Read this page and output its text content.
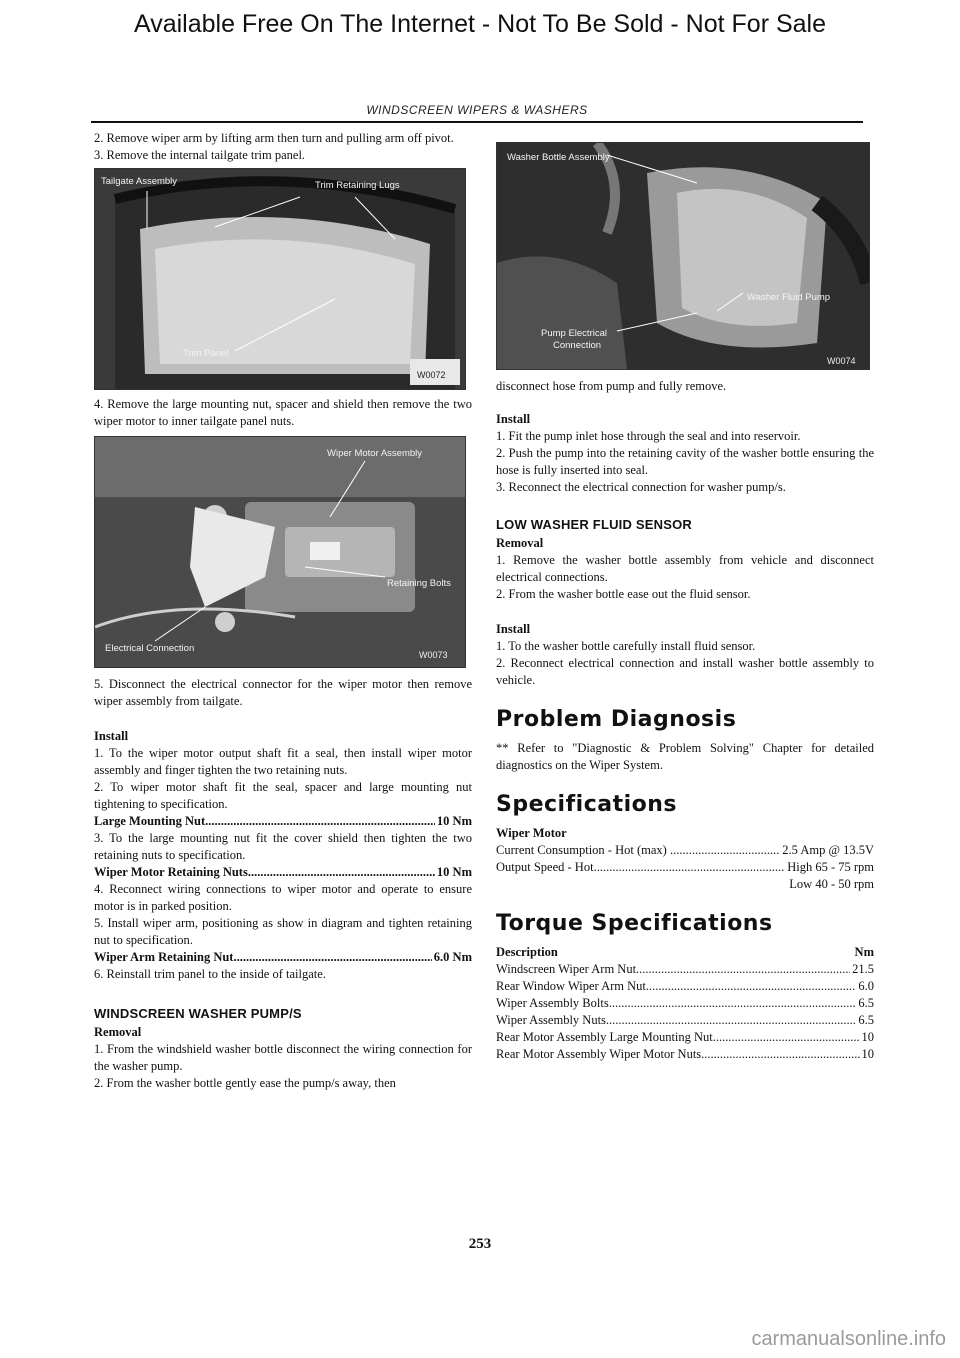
Available Free On The Internet - Not To Be Sold - Not For Sale
WINDSCREEN WIPERS & WASHERS

2. Remove wiper arm by lifting arm then turn and pulling arm off pivot.

3. Remove the internal tailgate trim panel.

Tailgate Assembly	Trim Retaining Lugs
Trim Panel
W0072

4. Remove the large mounting nut, spacer and shield then remove the two wiper motor to inner tailgate panel nuts.

Wiper Motor Assembly
Retaining Bolts
Electrical Connection
W0073

5. Disconnect the electrical connector for the wiper motor then remove wiper assembly from tailgate.

Install

1. To the wiper motor output shaft fit a seal, then install wiper motor assembly and finger tighten the two retaining nuts.

2. To wiper motor shaft fit the seal, spacer and large mounting nut tightening to specification.

Large Mounting Nut .....	10 Nm

3. To the large mounting nut fit the cover shield then tighten the two retaining nuts to specification.

Wiper Motor Retaining Nuts .....	10 Nm

4. Reconnect wiring connections to wiper motor and operate to ensure motor is in parked position.

5. Install wiper arm, positioning as show in diagram and tighten retaining nut to specification.

Wiper Arm Retaining Nut .....	6.0 Nm

6. Reinstall trim panel to the inside of tailgate.

WINDSCREEN WASHER PUMP/S

Removal

1. From the windshield washer bottle disconnect the wiring connection for the washer pump.

2. From the washer bottle gently ease the pump/s away, then

Washer Bottle Assembly
Washer Fluid Pump
Pump Electrical
Connection
W0074

disconnect hose from pump and fully remove.

Install

1. Fit the pump inlet hose through the seal and into reservoir.

2. Push the pump into the retaining cavity of the washer bottle ensuring the hose is fully inserted into seal.

3. Reconnect the electrical connection for washer pump/s.

LOW WASHER FLUID SENSOR

Removal

1. Remove the washer bottle assembly from vehicle and disconnect electrical connections.

2. From the washer bottle ease out the fluid sensor.

Install

1. To the washer bottle carefully install fluid sensor.

2. Reconnect electrical connection and install washer bottle assembly to vehicle.

Problem Diagnosis

** Refer to "Diagnostic & Problem Solving" Chapter for detailed diagnostics on the Wiper System.

Specifications

Wiper Motor

Current Consumption - Hot (max) ...... .....	2.5 Amp @ 13.5V
Output Speed - Hot .....	High 65 - 75 rpm

Low 40 - 50 rpm

Torque Specifications

Description	Nm
Windscreen Wiper Arm Nut .....	21.5
Rear Window Wiper Arm Nut .....	6.0
Wiper Assembly Bolts .....	6.5
Wiper Assembly Nuts .....	6.5
Rear Motor Assembly Large Mounting Nut .....	10
Rear Motor Assembly Wiper Motor Nuts .....	10
253
carmanualsonline.info
